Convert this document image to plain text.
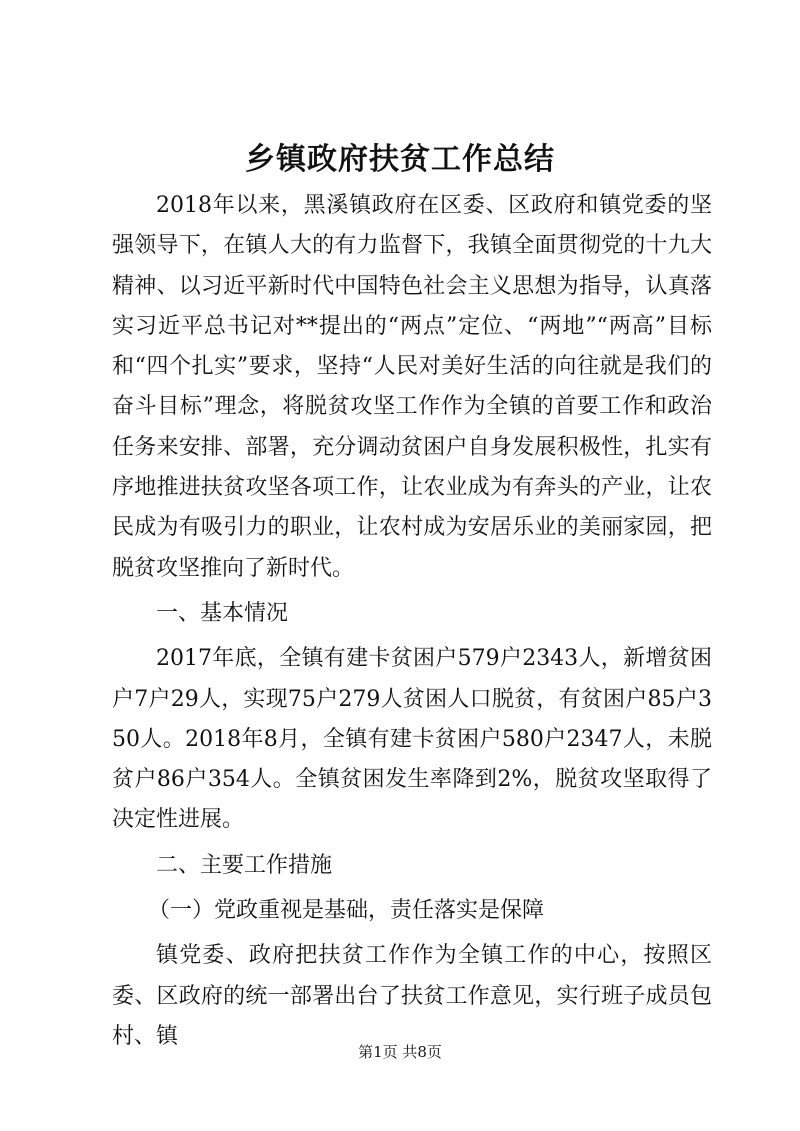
乡镇政府扶贫工作总结

2018年以来，黑溪镇政府在区委、区政府和镇党委的坚强领导下，在镇人大的有力监督下，我镇全面贯彻党的十九大精神、以习近平新时代中国特色社会主义思想为指导，认真落实习近平总书记对**提出的“两点”定位、“两地”“两高”目标和“四个扎实”要求，坚持“人民对美好生活的向往就是我们的奋斗目标”理念，将脱贫攻坚工作作为全镇的首要工作和政治任务来安排、部署，充分调动贫困户自身发展积极性，扎实有序地推进扶贫攻坚各项工作，让农业成为有奔头的产业，让农民成为有吸引力的职业，让农村成为安居乐业的美丽家园，把脱贫攻坚推向了新时代。

一、基本情况

2017年底，全镇有建卡贫困户579户2343人，新增贫困户7户29人，实现75户279人贫困人口脱贫，有贫困户85户350人。2018年8月，全镇有建卡贫困户580户2347人，未脱贫户86户354人。全镇贫困发生率降到2%，脱贫攻坚取得了决定性进展。

二、主要工作措施

（一）党政重视是基础，责任落实是保障

镇党委、政府把扶贫工作作为全镇工作的中心，按照区委、区政府的统一部署出台了扶贫工作意见，实行班子成员包村、镇

第1页 共8页
